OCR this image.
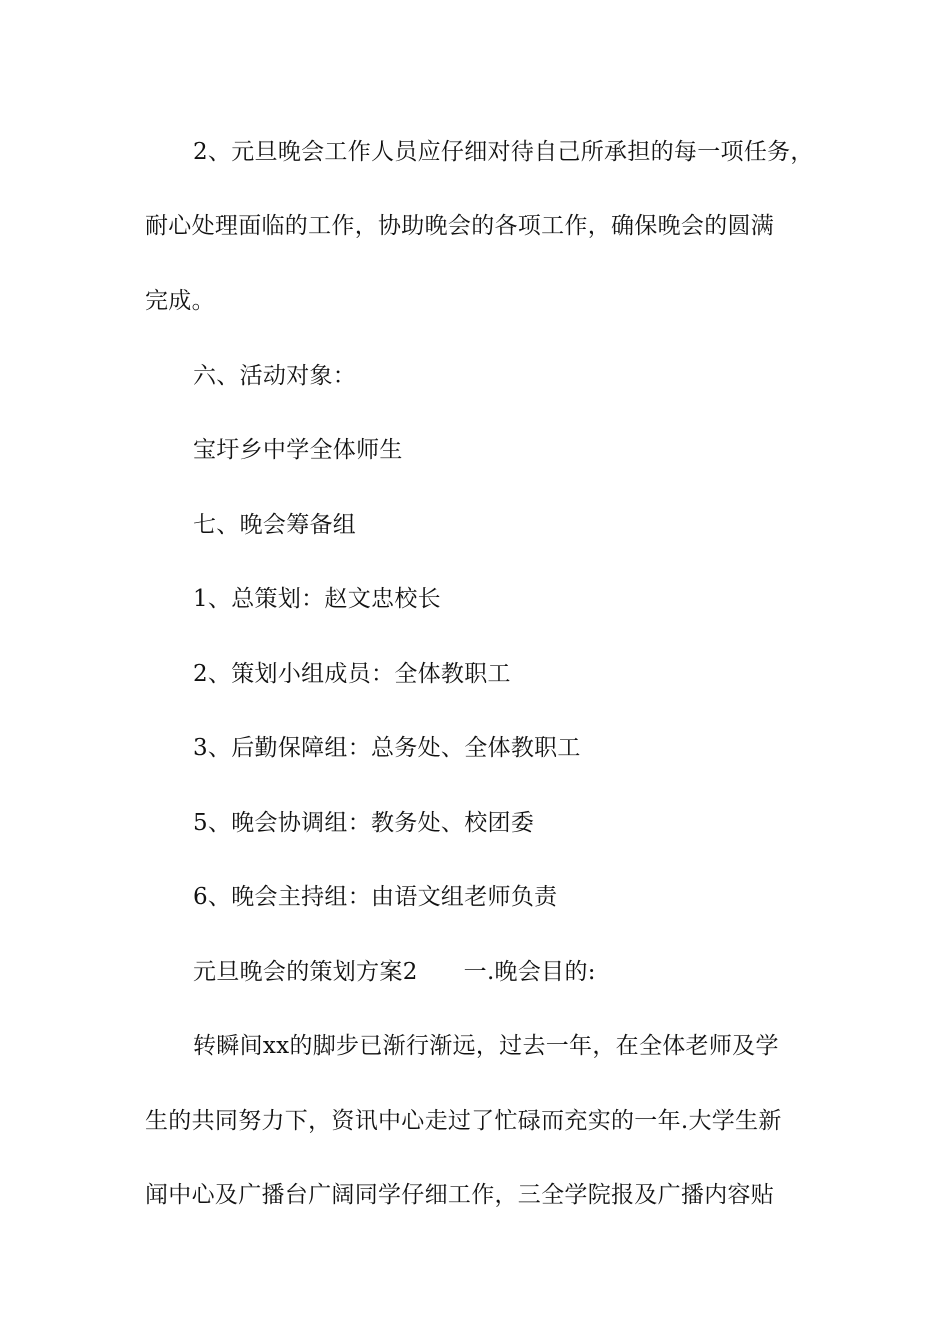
2、元旦晚会工作人员应仔细对待自己所承担的每一项任务，
耐心处理面临的工作，协助晚会的各项工作，确保晚会的圆满
完成。
六、活动对象：
宝圩乡中学全体师生
七、晚会筹备组
1、总策划：赵文忠校长
2、策划小组成员：全体教职工
3、后勤保障组：总务处、全体教职工
5、晚会协调组：教务处、校团委
6、晚会主持组：由语文组老师负责
元旦晚会的策划方案2 一.晚会目的:
转瞬间xx的脚步已渐行渐远，过去一年，在全体老师及学
生的共同努力下，资讯中心走过了忙碌而充实的一年.大学生新
闻中心及广播台广阔同学仔细工作，三全学院报及广播内容贴
